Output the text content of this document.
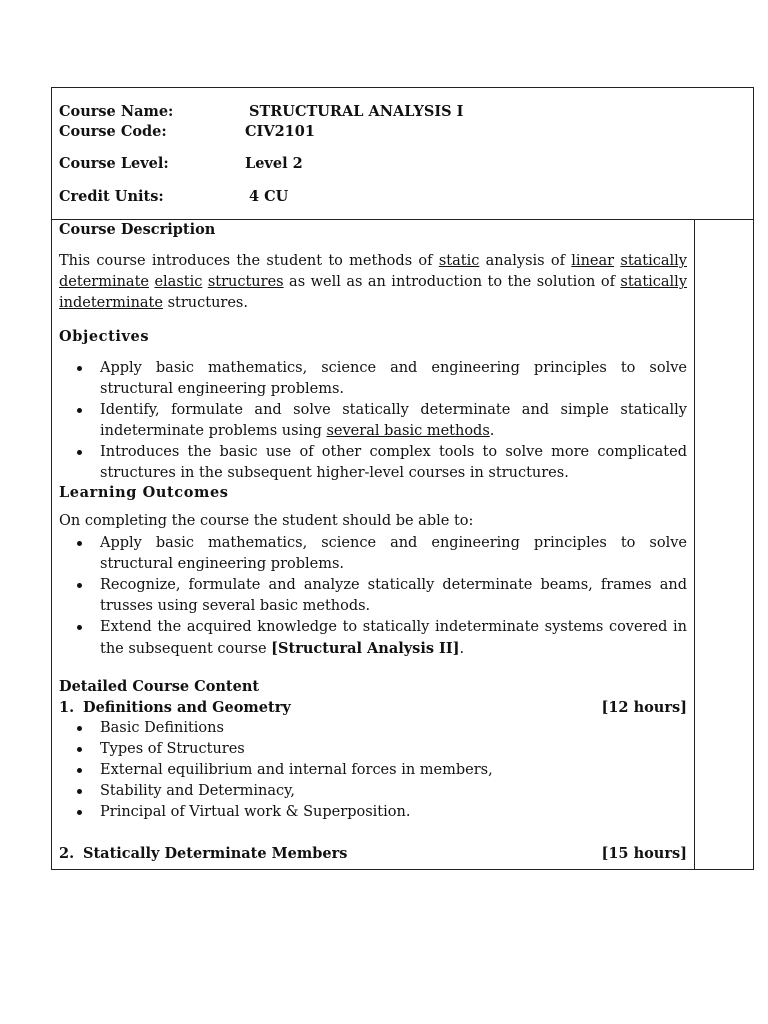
Course Name:	STRUCTURAL ANALYSIS I
Course Code:	CIV2101
Course Level:	Level 2
Credit Units:	4 CU

Course Description

This course introduces the student to methods of static analysis of linear statically determinate elastic structures as well as an introduction to the solution of statically indeterminate structures.

Objectives

Apply basic mathematics, science and engineering principles to solve structural engineering problems.
Identify, formulate and solve statically determinate and simple statically indeterminate problems using several basic methods.
Introduces the basic use of other complex tools to solve more complicated structures in the subsequent higher-level courses in structures.

Learning Outcomes

On completing the course the student should be able to:

Apply basic mathematics, science and engineering principles to solve structural engineering problems.
Recognize, formulate and analyze statically determinate beams, frames and trusses using several basic methods.
Extend the acquired knowledge to statically indeterminate systems covered in the subsequent course [Structural Analysis II].

Detailed Course Content

1. Definitions and Geometry	[12 hours]
Basic Definitions
Types of Structures
External equilibrium and internal forces in members,
Stability and Determinacy,
Principal of Virtual work & Superposition.
2. Statically Determinate Members	[15 hours]
